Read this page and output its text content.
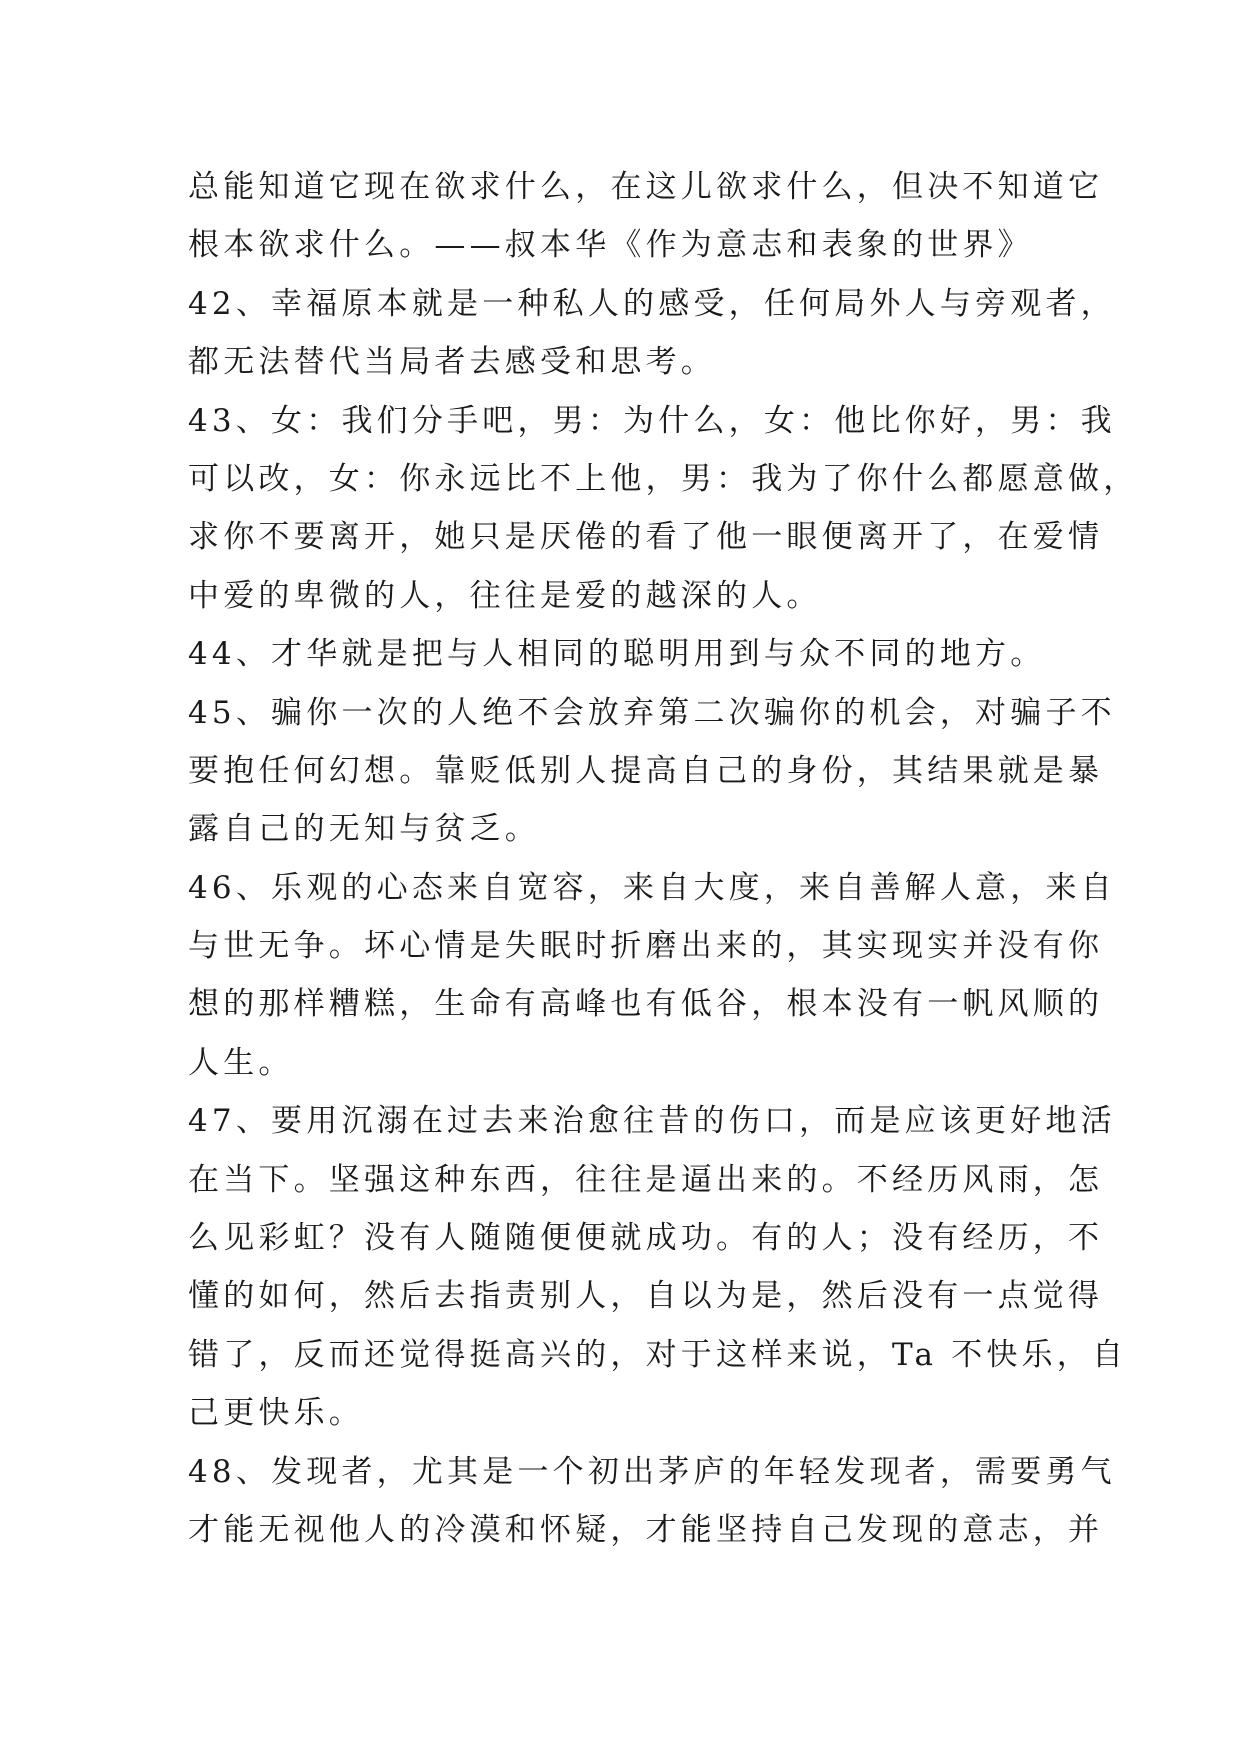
总能知道它现在欲求什么，在这儿欲求什么，但决不知道它
根本欲求什么。——叔本华《作为意志和表象的世界》
42、幸福原本就是一种私人的感受，任何局外人与旁观者，
都无法替代当局者去感受和思考。
43、女：我们分手吧，男：为什么，女：他比你好，男：我
可以改，女：你永远比不上他，男：我为了你什么都愿意做，
求你不要离开，她只是厌倦的看了他一眼便离开了，在爱情
中爱的卑微的人，往往是爱的越深的人。
44、才华就是把与人相同的聪明用到与众不同的地方。
45、骗你一次的人绝不会放弃第二次骗你的机会，对骗子不
要抱任何幻想。靠贬低别人提高自己的身份，其结果就是暴
露自己的无知与贫乏。
46、乐观的心态来自宽容，来自大度，来自善解人意，来自
与世无争。坏心情是失眠时折磨出来的，其实现实并没有你
想的那样糟糕，生命有高峰也有低谷，根本没有一帆风顺的
人生。
47、要用沉溺在过去来治愈往昔的伤口，而是应该更好地活
在当下。坚强这种东西，往往是逼出来的。不经历风雨，怎
么见彩虹？没有人随随便便就成功。有的人；没有经历，不
懂的如何，然后去指责别人，自以为是，然后没有一点觉得
错了，反而还觉得挺高兴的，对于这样来说，Ta 不快乐，自
己更快乐。
48、发现者，尤其是一个初出茅庐的年轻发现者，需要勇气
才能无视他人的冷漠和怀疑，才能坚持自己发现的意志，并
